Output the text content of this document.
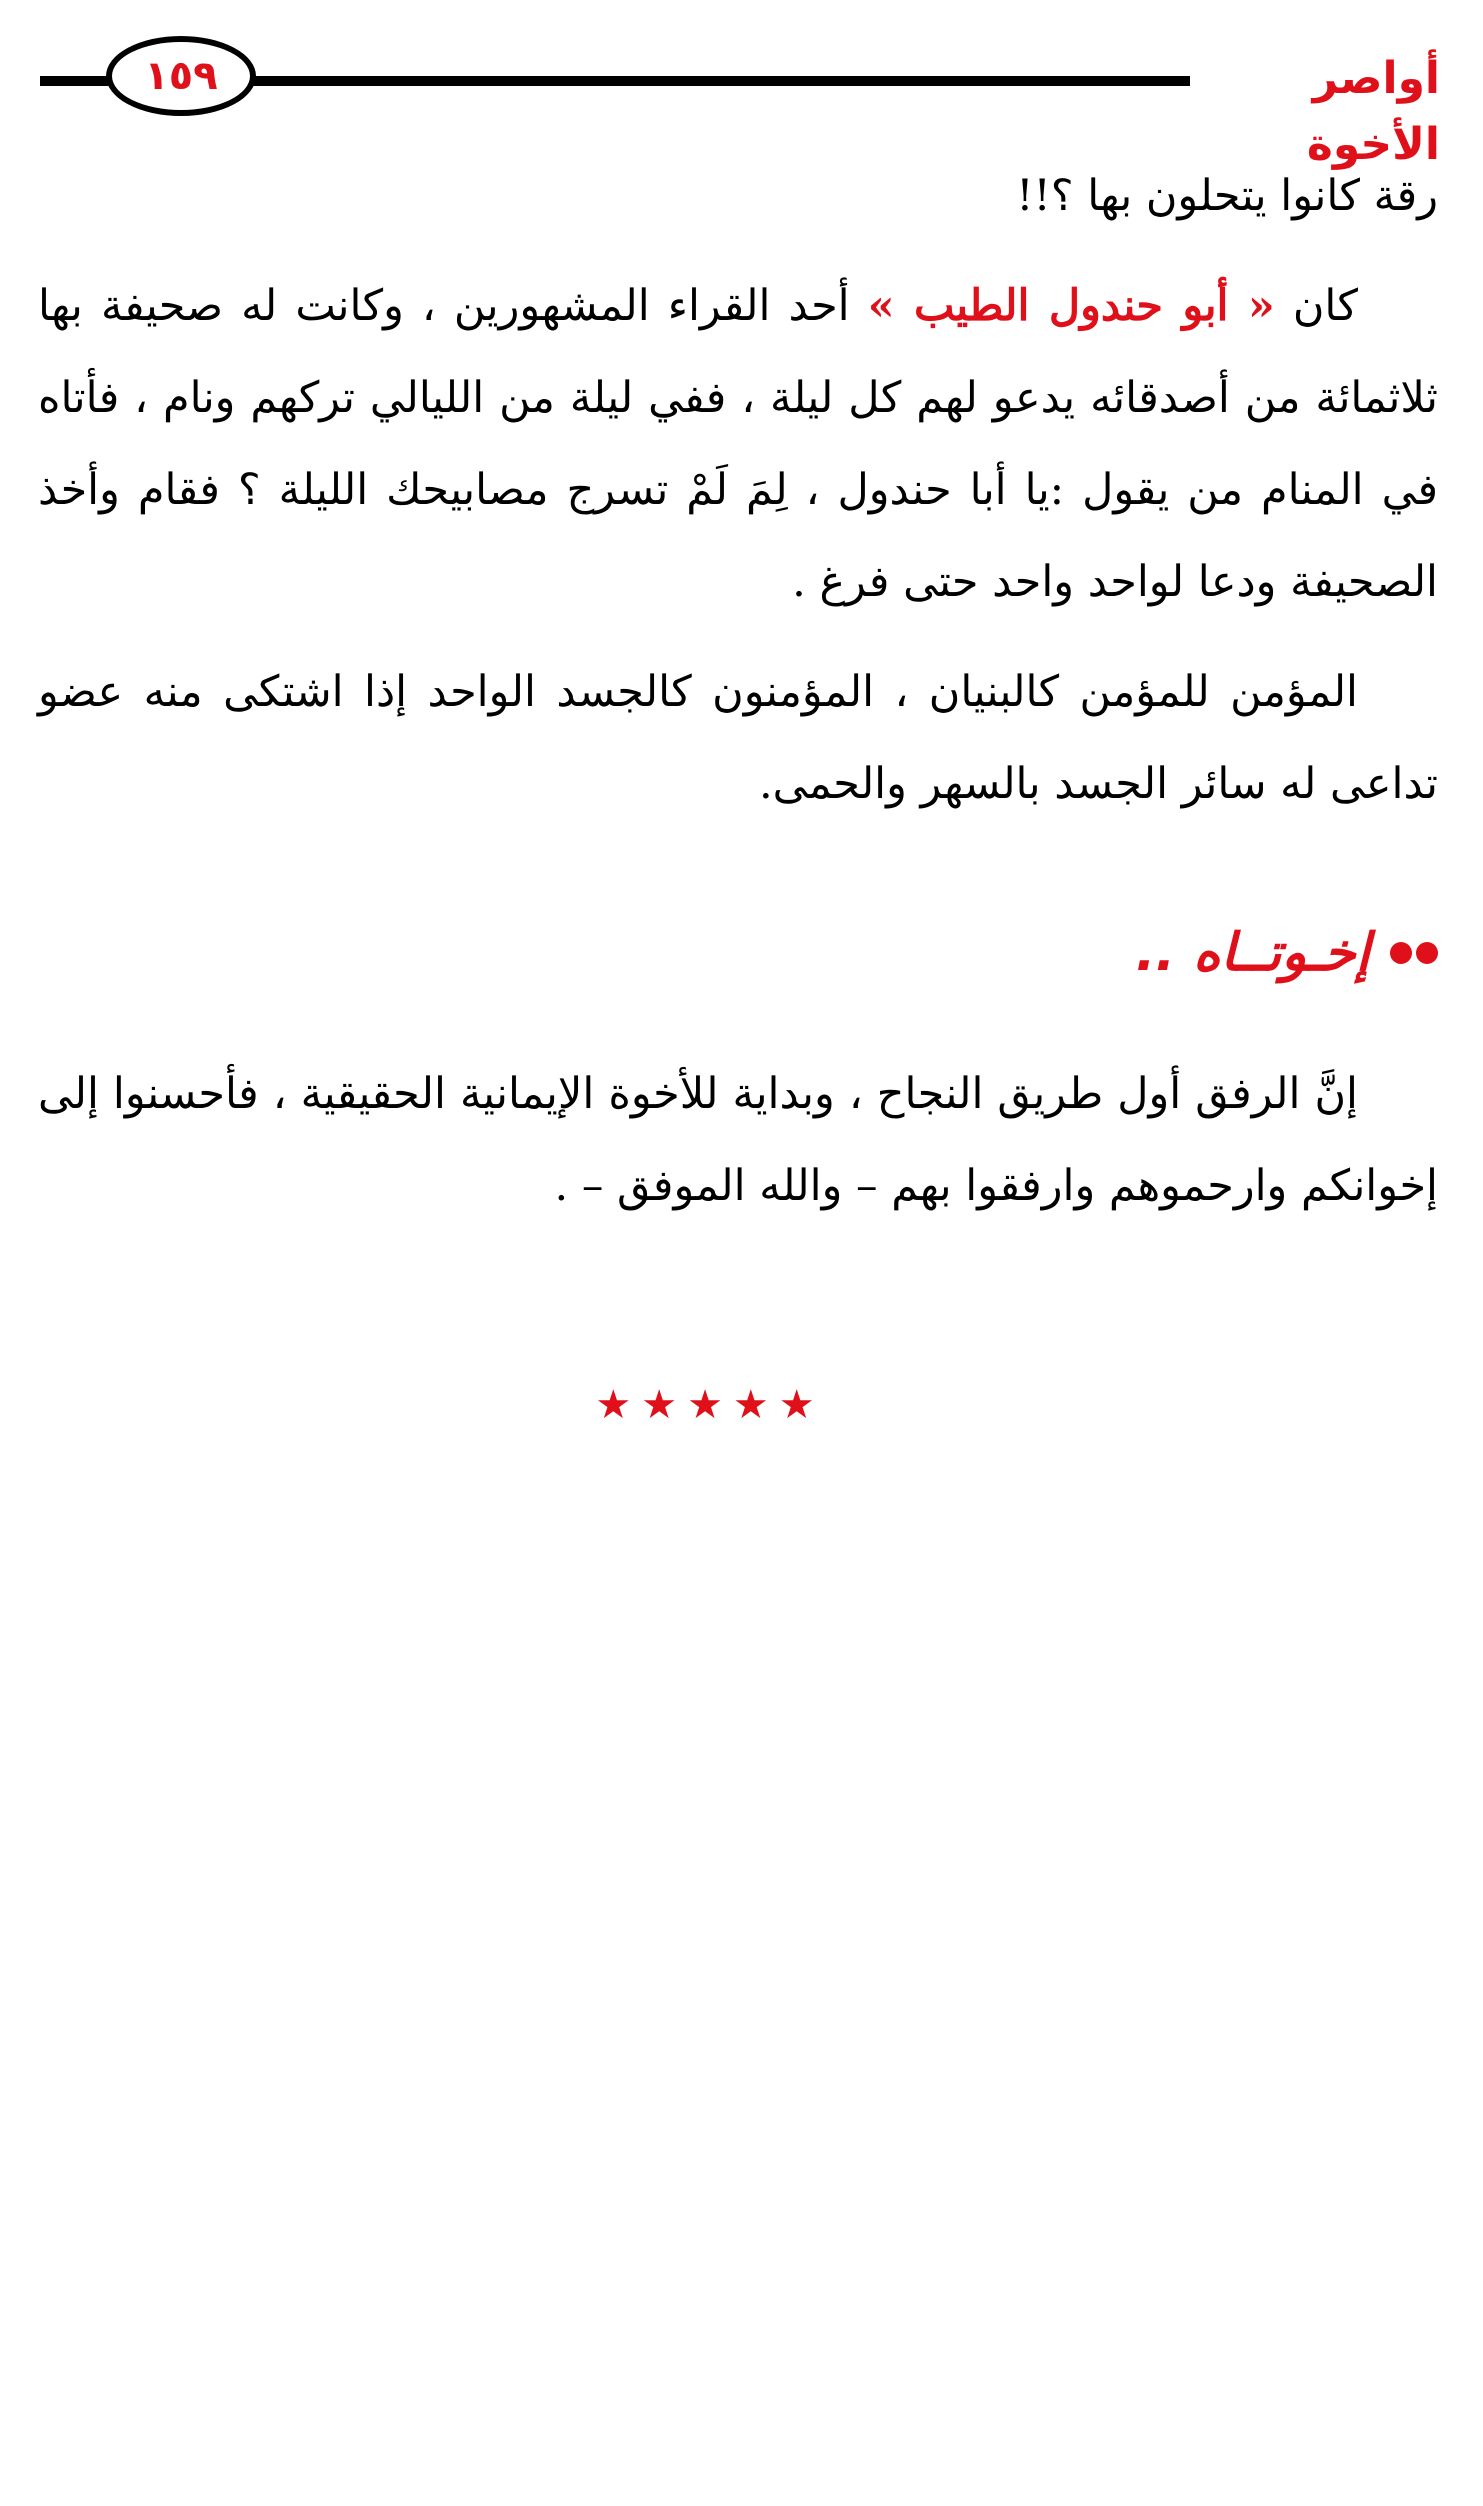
١٥٩	أواصر الأخوة

رقة كانوا يتحلون بها ؟!!

كان « أبو حندول الطيب » أحد القراء المشهورين ، وكانت له صحيفة بها ثلاثمائة من أصدقائه يدعو لهم كل ليلة ، ففي ليلة من الليالي تركهم ونام ، فأتاه في المنام من يقول :يا أبا حندول ، لِمَ لَمْ تسرج مصابيحك الليلة ؟ فقام وأخذ الصحيفة ودعا لواحد واحد حتى فرغ .

المؤمن للمؤمن كالبنيان ، المؤمنون كالجسد الواحد إذا اشتكى منه عضو تداعى له سائر الجسد بالسهر والحمى.

إخـوتــاه ..

إنَّ الرفق أول طريق النجاح ، وبداية للأخوة الإيمانية الحقيقية ، فأحسنوا إلى إخوانكم وارحموهم وارفقوا بهم – والله الموفق – .

★★★★★
